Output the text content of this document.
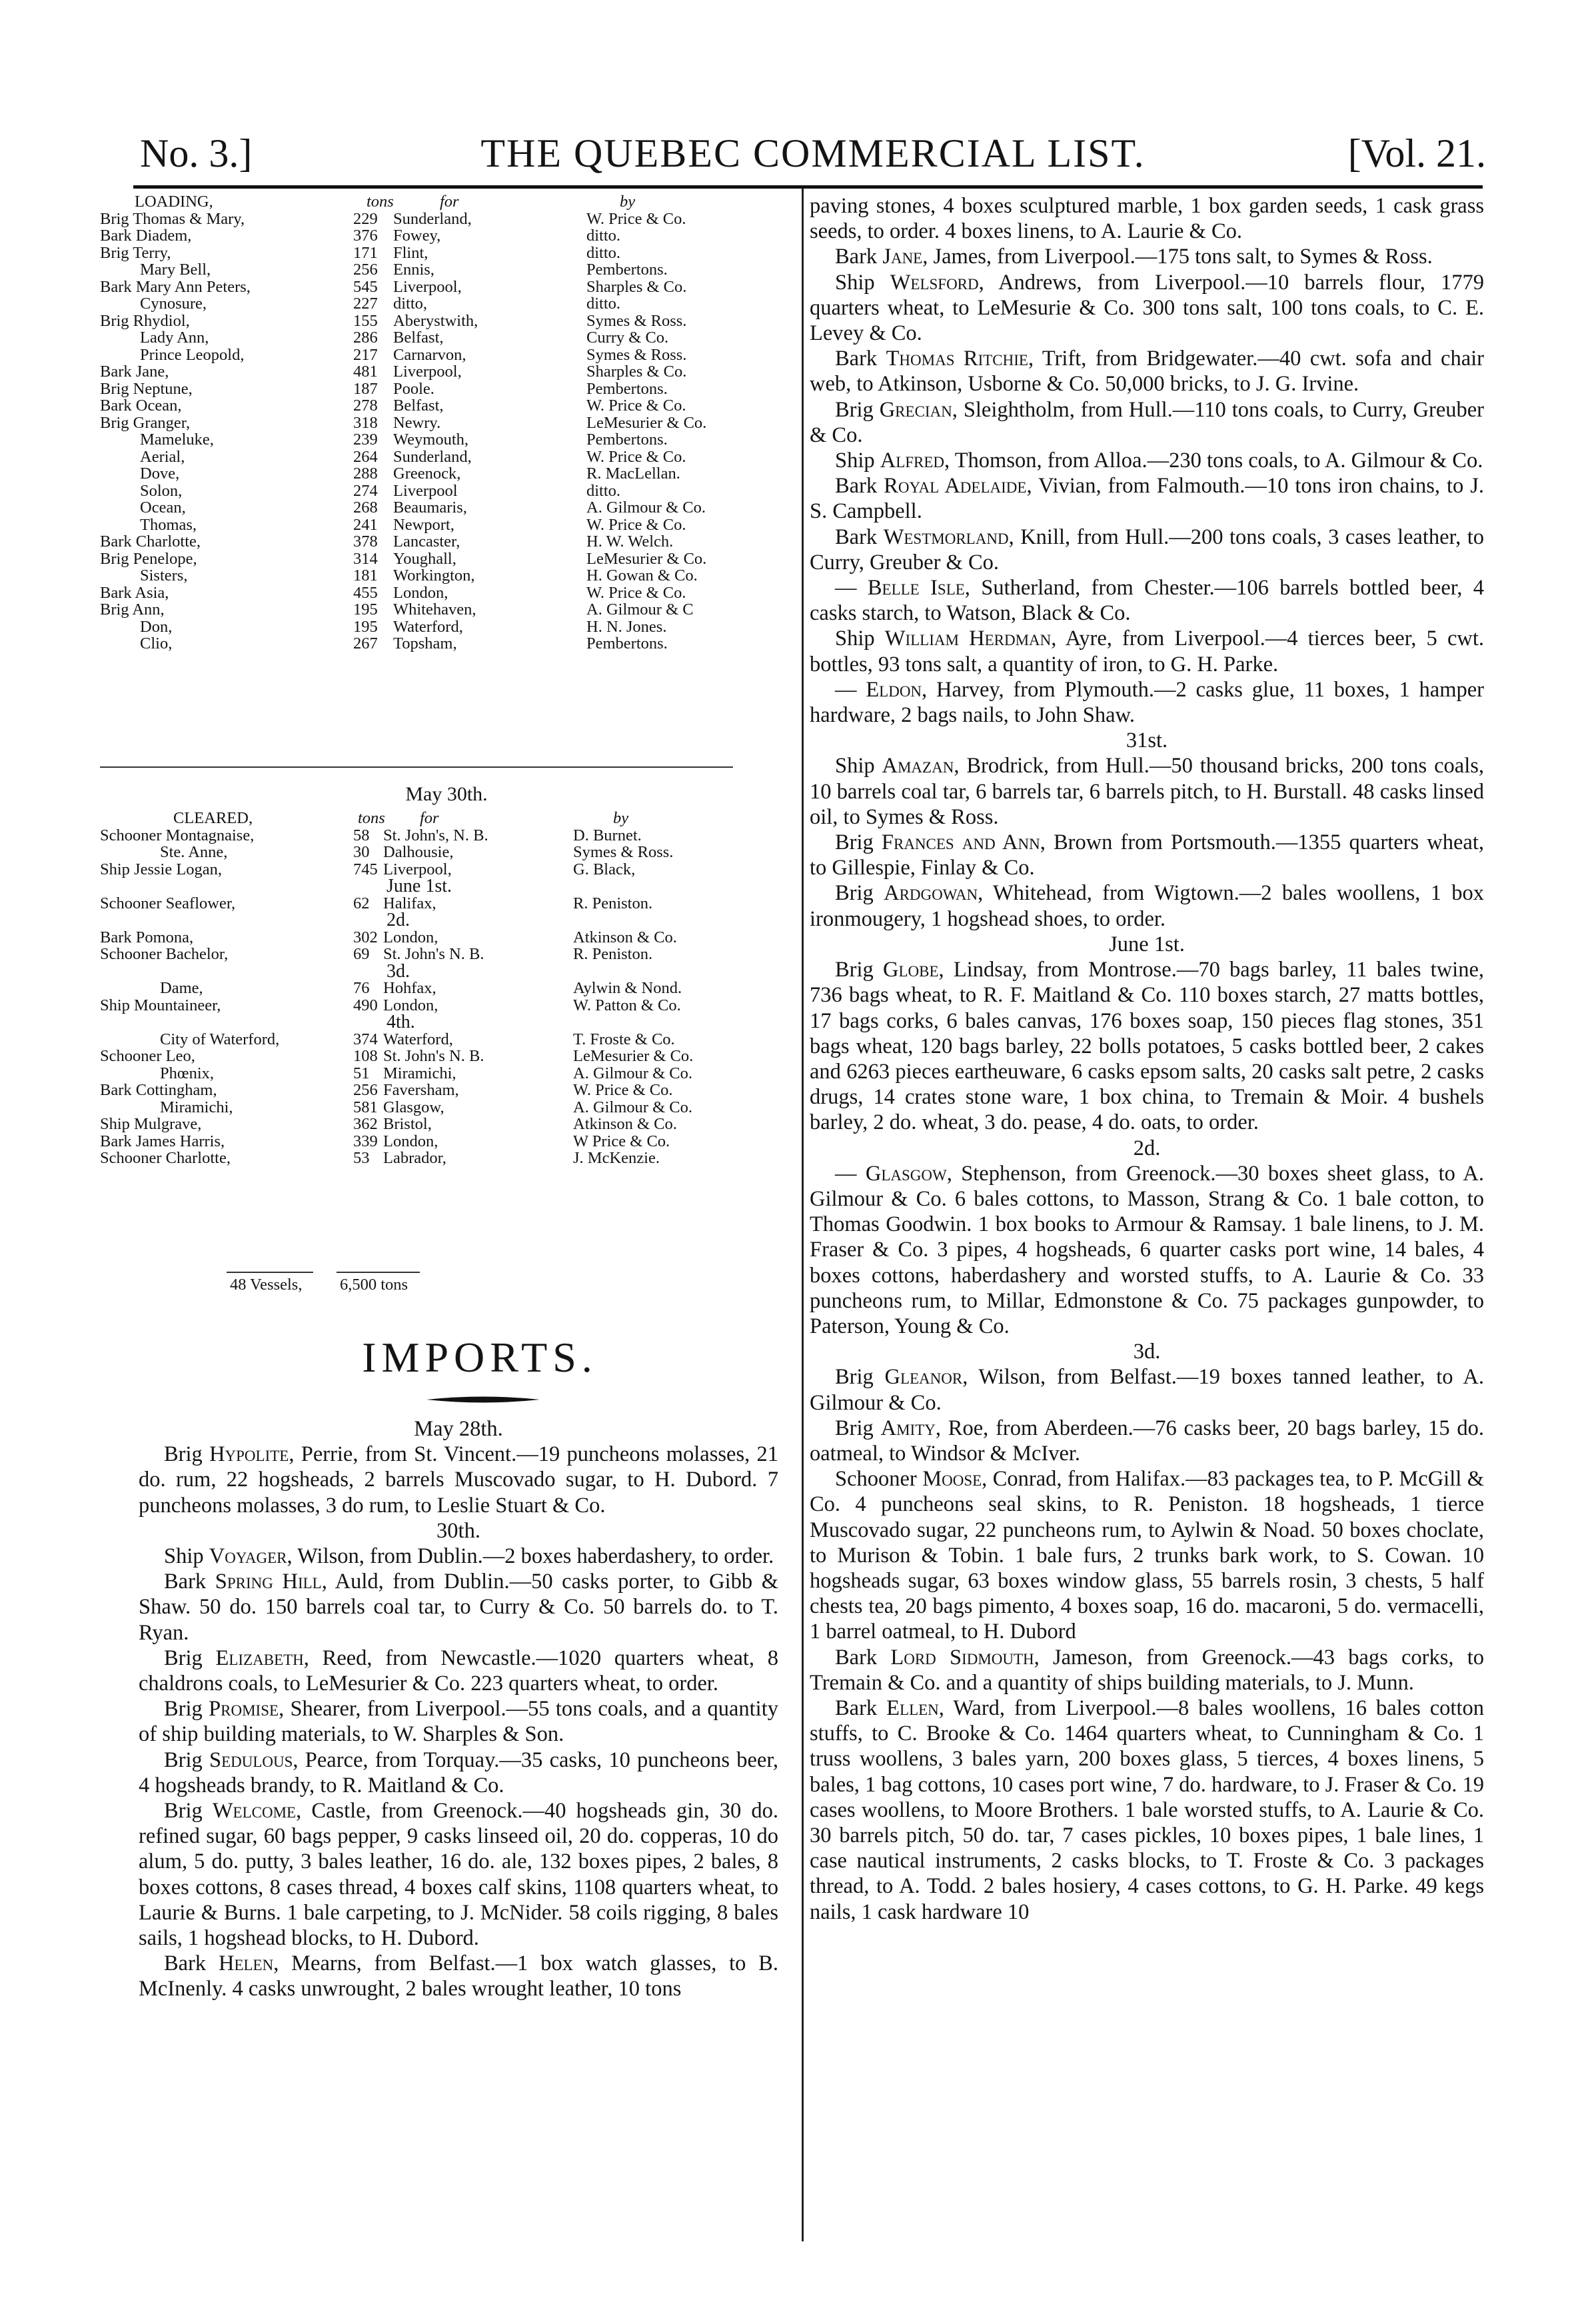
No. 3.]	THE QUEBEC COMMERCIAL LIST.	[Vol. 21.
LOADING,	tons	for	by
Brig Thomas & Mary,	229 Sunderland,	W. Price & Co.
Bark Diadem,	376 Fowey,	ditto.
Brig Terry,	171 Flint,	ditto.
Mary Bell,	256 Ennis,	Pembertons.
Bark Mary Ann Peters,	545 Liverpool,	Sharples & Co.
Cynosure,	227 ditto,	ditto.
Brig Rhydiol,	155 Aberystwith,	Symes & Ross.
Lady Ann,	286 Belfast,	Curry & Co.
Prince Leopold,	217 Carnarvon,	Symes & Ross.
Bark Jane,	481 Liverpool,	Sharples & Co.
Brig Neptune,	187 Poole.	Pembertons.
Bark Ocean,	278 Belfast,	W. Price & Co.
Brig Granger,	318 Newry.	LeMesurier & Co.
Mameluke,	239 Weymouth,	Pembertons.
Aerial,	264 Sunderland,	W. Price & Co.
Dove,	288 Greenock,	R. MacLellan.
Solon,	274 Liverpool	ditto.
Ocean,	268 Beaumaris,	A. Gilmour & Co.
Thomas,	241 Newport,	W. Price & Co.
Bark Charlotte,	378 Lancaster,	H. W. Welch.
Brig Penelope,	314 Youghall,	LeMesurier & Co.
Sisters,	181 Workington,	H. Gowan & Co.
Bark Asia,	455 London,	W. Price & Co.
Brig Ann,	195 Whitehaven,	A. Gilmour & C
Don,	195 Waterford,	H. N. Jones.
Clio,	267 Topsham,	Pembertons.
May 30th.
CLEARED,	tons for	by
Schooner Montagnaise,	58 St. John's, N. B.	D. Burnet.
Ste. Anne,	30 Dalhousie,	Symes & Ross.
Ship Jessie Logan,	745 Liverpool,	G. Black,
June 1st.
Schooner Seaflower,	62 Halifax,	R. Peniston.
2d.
Bark Pomona,	302 London,	Atkinson & Co.
Schooner Bachelor,	69 St. John's N. B.	R. Peniston.
3d.
Dame,	76 Hohfax,	Aylwin & Nond.
Ship Mountaineer,	490 London,	W. Patton & Co.
4th.
City of Waterford,	374 Waterford,	T. Froste & Co.
Schooner Leo,	108 St. John's N. B.	LeMesurier & Co.
Phœnix,	51 Miramichi,	A. Gilmour & Co.
Bark Cottingham,	256 Faversham,	W. Price & Co.
Miramichi,	581 Glasgow,	A. Gilmour & Co.
Ship Mulgrave,	362 Bristol,	Atkinson & Co.
Bark James Harris,	339 London,	W Price & Co.
Schooner Charlotte,	53 Labrador,	J. McKenzie.
48 Vessels, 6,500 tons
IMPORTS.

May 28th.

Brig Hypolite, Perrie, from St. Vincent.—19 puncheons molasses, 21 do. rum, 22 hogsheads, 2 barrels Muscovado sugar, to H. Dubord. 7 puncheons molasses, 3 do rum, to Leslie Stuart & Co.

30th.

Ship Voyager, Wilson, from Dublin.—2 boxes haberdashery, to order.

Bark Spring Hill, Auld, from Dublin.—50 casks porter, to Gibb & Shaw. 50 do. 150 barrels coal tar, to Curry & Co. 50 barrels do. to T. Ryan.

Brig Elizabeth, Reed, from Newcastle.—1020 quarters wheat, 8 chaldrons coals, to LeMesurier & Co. 223 quarters wheat, to order.

Brig Promise, Shearer, from Liverpool.—55 tons coals, and a quantity of ship building materials, to W. Sharples & Son.

Brig Sedulous, Pearce, from Torquay.—35 casks, 10 puncheons beer, 4 hogsheads brandy, to R. Maitland & Co.

Brig Welcome, Castle, from Greenock.—40 hogsheads gin, 30 do. refined sugar, 60 bags pepper, 9 casks linseed oil, 20 do. copperas, 10 do alum, 5 do. putty, 3 bales leather, 16 do. ale, 132 boxes pipes, 2 bales, 8 boxes cottons, 8 cases thread, 4 boxes calf skins, 1108 quarters wheat, to Laurie & Burns. 1 bale carpeting, to J. McNider. 58 coils rigging, 8 bales sails, 1 hogshead blocks, to H. Dubord.

Bark Helen, Mearns, from Belfast.—1 box watch glasses, to B. McInenly. 4 casks unwrought, 2 bales wrought leather, 10 tons

paving stones, 4 boxes sculptured marble, 1 box garden seeds, 1 cask grass seeds, to order. 4 boxes linens, to A. Laurie & Co.

Bark Jane, James, from Liverpool.—175 tons salt, to Symes & Ross.

Ship Welsford, Andrews, from Liverpool.—10 barrels flour, 1779 quarters wheat, to LeMesurie & Co. 300 tons salt, 100 tons coals, to C. E. Levey & Co.

Bark Thomas Ritchie, Trift, from Bridgewater.—40 cwt. sofa and chair web, to Atkinson, Usborne & Co. 50,000 bricks, to J. G. Irvine.

Brig Grecian, Sleightholm, from Hull.—110 tons coals, to Curry, Greuber & Co.

Ship Alfred, Thomson, from Alloa.—230 tons coals, to A. Gilmour & Co.

Bark Royal Adelaide, Vivian, from Falmouth.—10 tons iron chains, to J. S. Campbell.

Bark Westmorland, Knill, from Hull.—200 tons coals, 3 cases leather, to Curry, Greuber & Co.

— Belle Isle, Sutherland, from Chester.—106 barrels bottled beer, 4 casks starch, to Watson, Black & Co.

Ship William Herdman, Ayre, from Liverpool.—4 tierces beer, 5 cwt. bottles, 93 tons salt, a quantity of iron, to G. H. Parke.

— Eldon, Harvey, from Plymouth.—2 casks glue, 11 boxes, 1 hamper hardware, 2 bags nails, to John Shaw.

31st.

Ship Amazan, Brodrick, from Hull.—50 thousand bricks, 200 tons coals, 10 barrels coal tar, 6 barrels tar, 6 barrels pitch, to H. Burstall. 48 casks linsed oil, to Symes & Ross.

Brig Frances and Ann, Brown from Portsmouth.—1355 quarters wheat, to Gillespie, Finlay & Co.

Brig Ardgowan, Whitehead, from Wigtown.—2 bales woollens, 1 box ironmougery, 1 hogshead shoes, to order.

June 1st.

Brig Globe, Lindsay, from Montrose.—70 bags barley, 11 bales twine, 736 bags wheat, to R. F. Maitland & Co. 110 boxes starch, 27 matts bottles, 17 bags corks, 6 bales canvas, 176 boxes soap, 150 pieces flag stones, 351 bags wheat, 120 bags barley, 22 bolls potatoes, 5 casks bottled beer, 2 cakes and 6263 pieces eartheuware, 6 casks epsom salts, 20 casks salt petre, 2 casks drugs, 14 crates stone ware, 1 box china, to Tremain & Moir. 4 bushels barley, 2 do. wheat, 3 do. pease, 4 do. oats, to order.

2d.

— Glasgow, Stephenson, from Greenock.—30 boxes sheet glass, to A. Gilmour & Co. 6 bales cottons, to Masson, Strang & Co. 1 bale cotton, to Thomas Goodwin. 1 box books to Armour & Ramsay. 1 bale linens, to J. M. Fraser & Co. 3 pipes, 4 hogsheads, 6 quarter casks port wine, 14 bales, 4 boxes cottons, haberdashery and worsted stuffs, to A. Laurie & Co. 33 puncheons rum, to Millar, Edmonstone & Co. 75 packages gunpowder, to Paterson, Young & Co.

3d.

Brig Gleanor, Wilson, from Belfast.—19 boxes tanned leather, to A. Gilmour & Co.

Brig Amity, Roe, from Aberdeen.—76 casks beer, 20 bags barley, 15 do. oatmeal, to Windsor & McIver.

Schooner Moose, Conrad, from Halifax.—83 packages tea, to P. McGill & Co. 4 puncheons seal skins, to R. Peniston. 18 hogsheads, 1 tierce Muscovado sugar, 22 puncheons rum, to Aylwin & Noad. 50 boxes choclate, to Murison & Tobin. 1 bale furs, 2 trunks bark work, to S. Cowan. 10 hogsheads sugar, 63 boxes window glass, 55 barrels rosin, 3 chests, 5 half chests tea, 20 bags pimento, 4 boxes soap, 16 do. macaroni, 5 do. vermacelli, 1 barrel oatmeal, to H. Dubord

Bark Lord Sidmouth, Jameson, from Greenock.—43 bags corks, to Tremain & Co. and a quantity of ships building materials, to J. Munn.

Bark Ellen, Ward, from Liverpool.—8 bales woollens, 16 bales cotton stuffs, to C. Brooke & Co. 1464 quarters wheat, to Cunningham & Co. 1 truss woollens, 3 bales yarn, 200 boxes glass, 5 tierces, 4 boxes linens, 5 bales, 1 bag cottons, 10 cases port wine, 7 do. hardware, to J. Fraser & Co. 19 cases woollens, to Moore Brothers. 1 bale worsted stuffs, to A. Laurie & Co. 30 barrels pitch, 50 do. tar, 7 cases pickles, 10 boxes pipes, 1 bale lines, 1 case nautical instruments, 2 casks blocks, to T. Froste & Co. 3 packages thread, to A. Todd. 2 bales hosiery, 4 cases cottons, to G. H. Parke. 49 kegs nails, 1 cask hardware 10
